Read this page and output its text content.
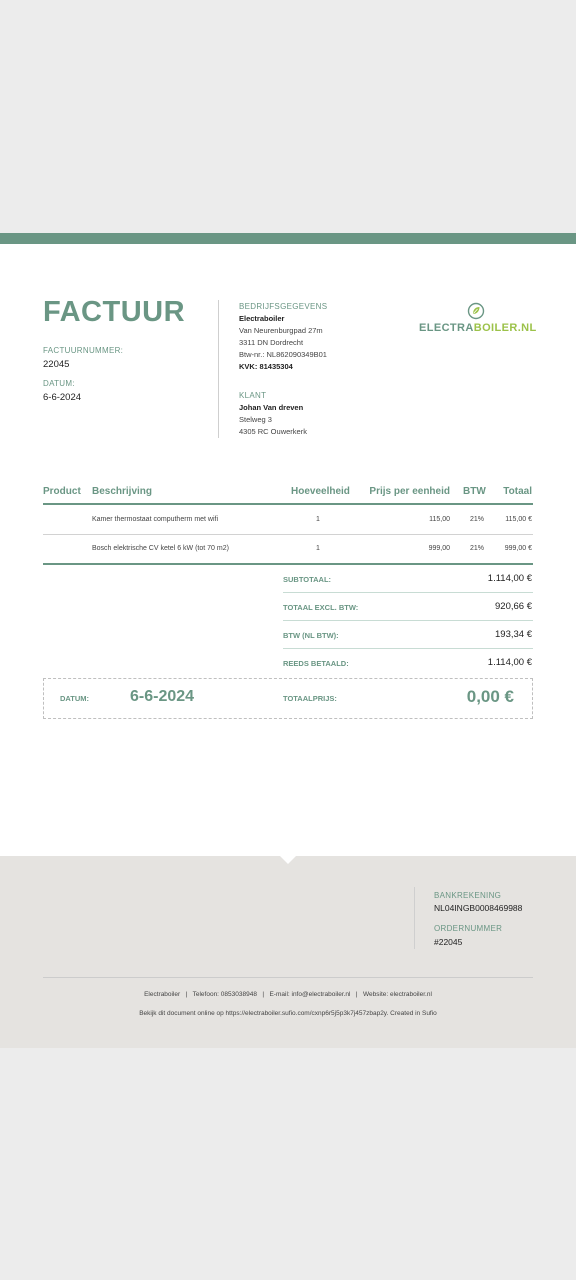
FACTUUR
FACTUURNUMMER:
22045
DATUM:
6-6-2024
BEDRIJFSGEGEVENS
Electraboiler
Van Neurenburgpad 27m
3311 DN Dordrecht
Btw-nr.: NL862090349B01
KVK: 81435304
KLANT
Johan Van dreven
Stelweg 3
4305 RC Ouwerkerk
ELECTRABOILER.NL
Product Beschrijving	Hoeveelheid Prijs per eenheid BTW Totaal
Kamer thermostaat computherm met wifi	1	115,00	21%	115,00 €
Bosch elektrische CV ketel 6 kW (tot 70 m2)	1	999,00	21%	999,00 €
SUBTOTAAL:	1.114,00 €
TOTAAL EXCL. BTW:	920,66 €
BTW (NL BTW):	193,34 €
REEDS BETAALD:	1.114,00 €
DATUM:	6-6-2024	TOTAALPRIJS:	0,00 €
BANKREKENING
NL04INGB0008469988
ORDERNUMMER
#22045
Electraboiler   |   Telefoon: 0853038948   |   E-mail: info@electraboiler.nl   |   Website: electraboiler.nl
Bekijk dit document online op https://electraboiler.sufio.com/cxnp6r5j5p3k7j457zbap2y. Created in Sufio
